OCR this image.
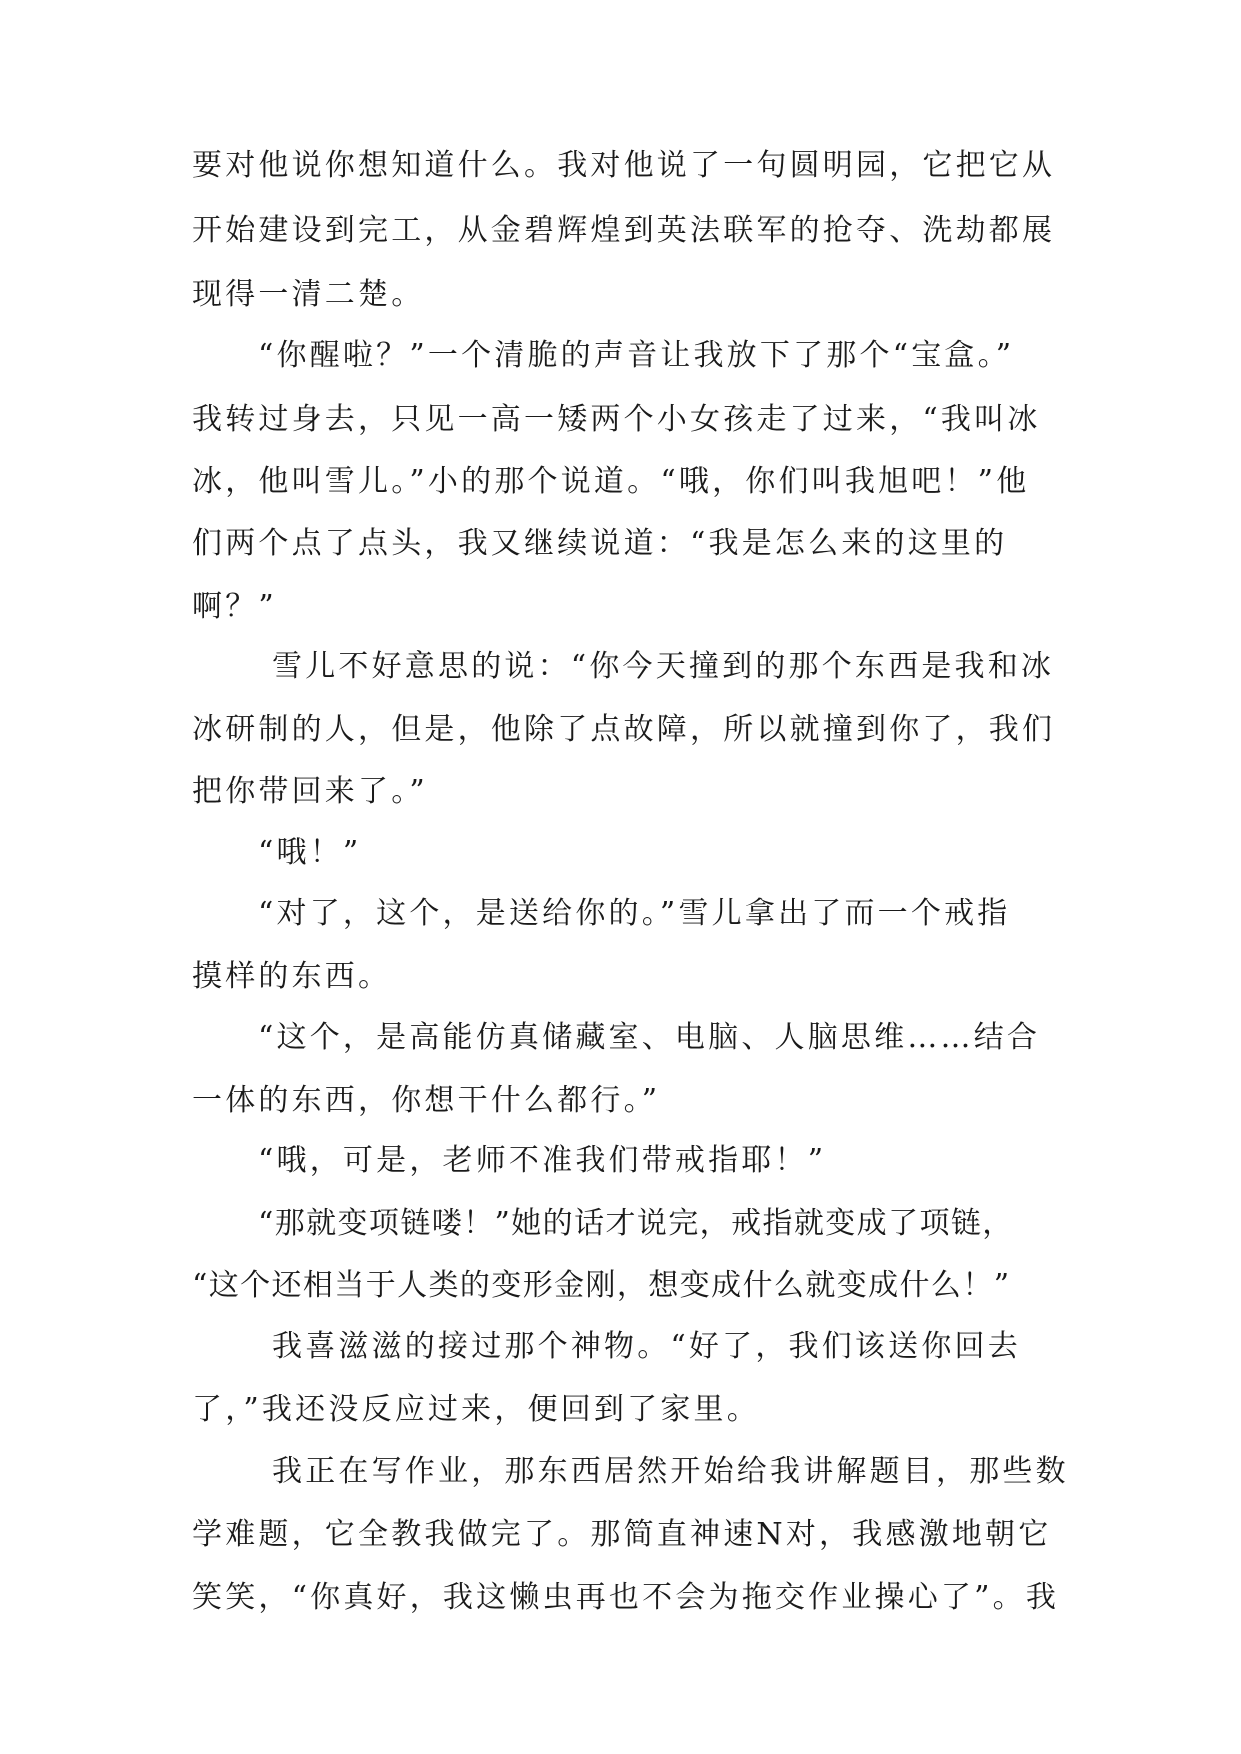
要对他说你想知道什么。我对他说了一句圆明园，它把它从
开始建设到完工，从金碧辉煌到英法联军的抢夺、洗劫都展
现得一清二楚。
“你醒啦？”一个清脆的声音让我放下了那个“宝盒。”
我转过身去，只见一高一矮两个小女孩走了过来，“我叫冰
冰，他叫雪儿。”小的那个说道。“哦，你们叫我旭吧！”他
们两个点了点头，我又继续说道：“我是怎么来的这里的
啊？”
雪儿不好意思的说：“你今天撞到的那个东西是我和冰
冰研制的人，但是，他除了点故障，所以就撞到你了，我们
把你带回来了。”
“哦！”
“对了，这个，是送给你的。”雪儿拿出了而一个戒指
摸样的东西。
“这个，是高能仿真储藏室、电脑、人脑思维……结合
一体的东西，你想干什么都行。”
“哦，可是，老师不准我们带戒指耶！”
“那就变项链喽！”她的话才说完，戒指就变成了项链，
“这个还相当于人类的变形金刚，想变成什么就变成什么！”
我喜滋滋的接过那个神物。“好了，我们该送你回去
了，”我还没反应过来，便回到了家里。
我正在写作业，那东西居然开始给我讲解题目，那些数
学难题，它全教我做完了。那简直神速N对，我感激地朝它
笑笑，“你真好，我这懒虫再也不会为拖交作业操心了”。我
